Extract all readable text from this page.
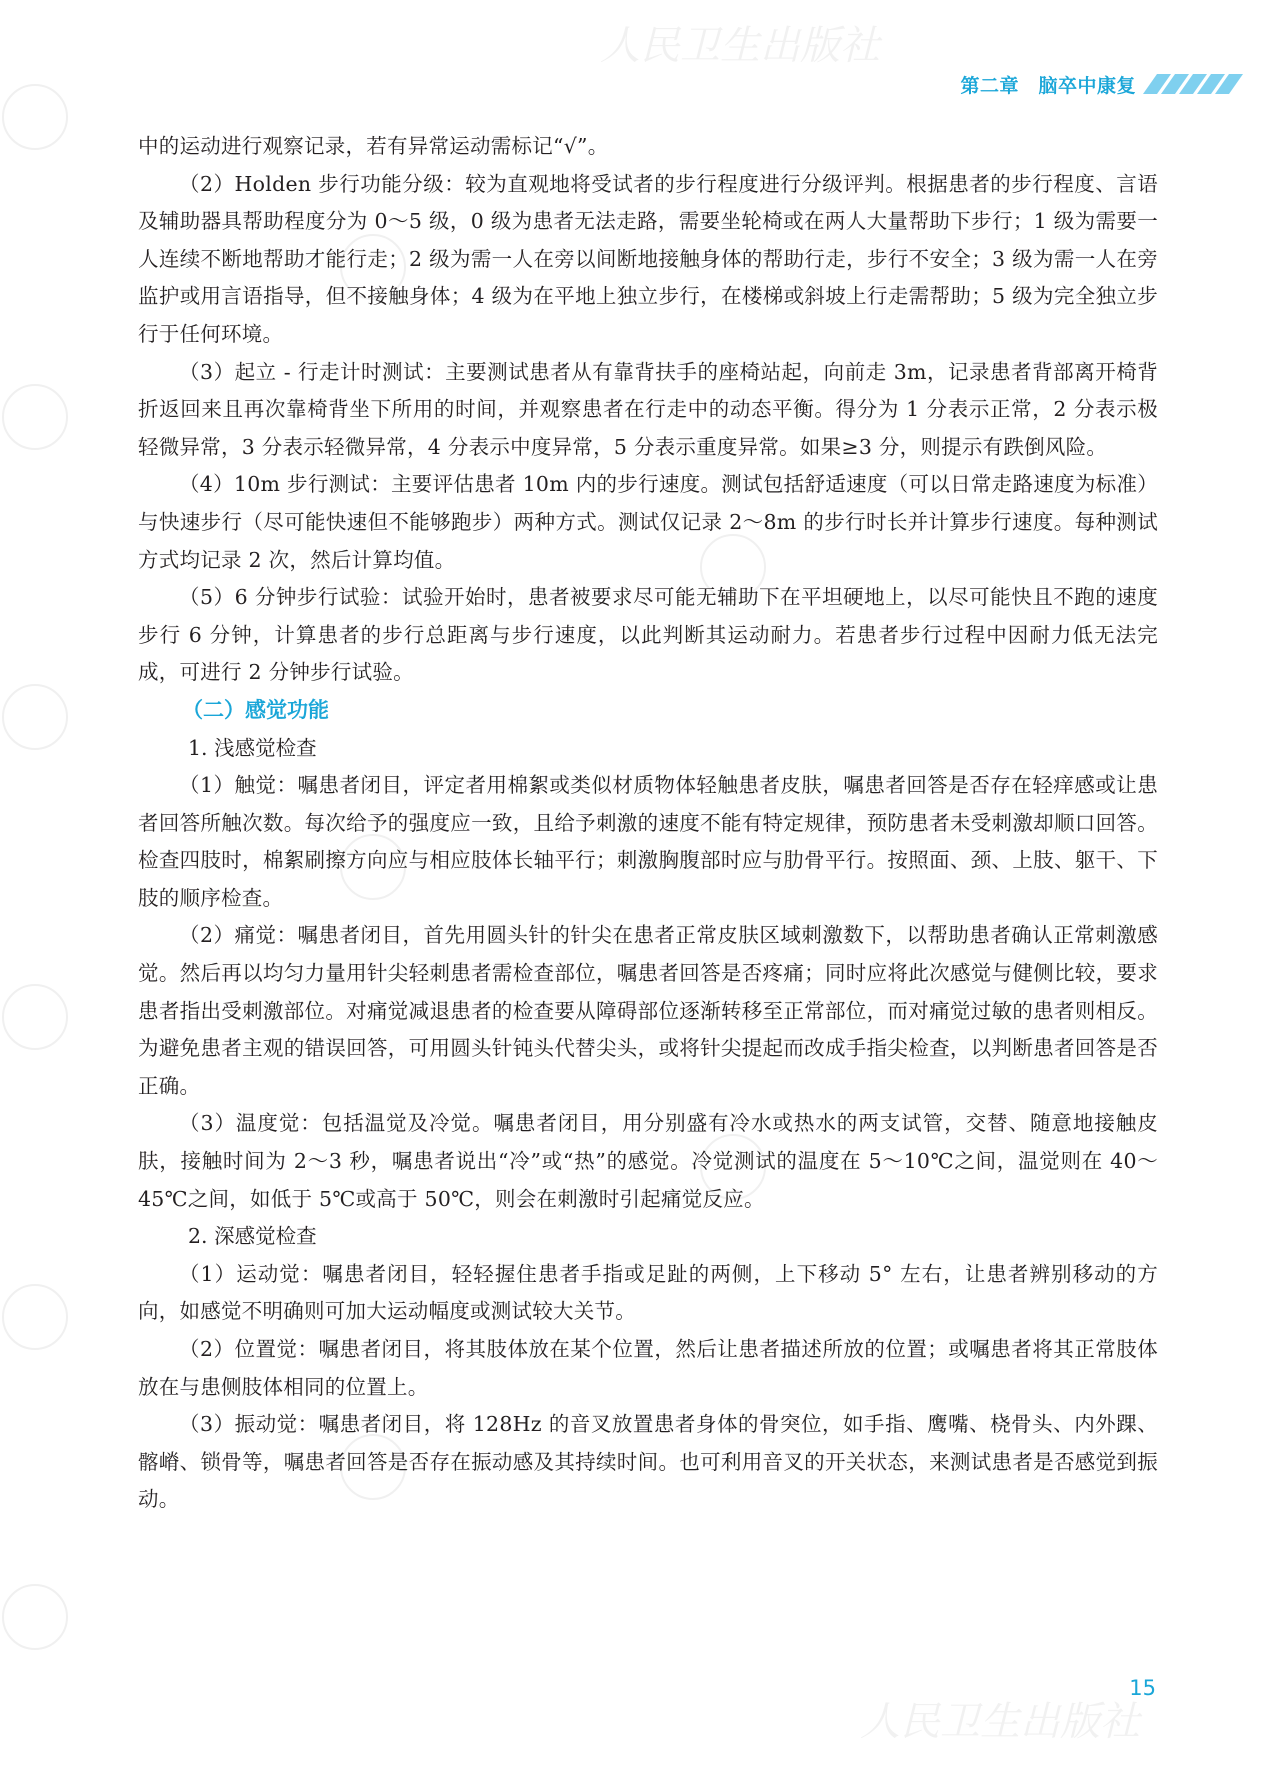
人民卫生出版社
人民卫生出版社
第二章　脑卒中康复

中的运动进行观察记录，若有异常运动需标记“√”。

（2）Holden 步行功能分级：较为直观地将受试者的步行程度进行分级评判。根据患者的步行程度、言语及辅助器具帮助程度分为 0～5 级，0 级为患者无法走路，需要坐轮椅或在两人大量帮助下步行；1 级为需要一人连续不断地帮助才能行走；2 级为需一人在旁以间断地接触身体的帮助行走，步行不安全；3 级为需一人在旁监护或用言语指导，但不接触身体；4 级为在平地上独立步行，在楼梯或斜坡上行走需帮助；5 级为完全独立步行于任何环境。

（3）起立 - 行走计时测试：主要测试患者从有靠背扶手的座椅站起，向前走 3m，记录患者背部离开椅背折返回来且再次靠椅背坐下所用的时间，并观察患者在行走中的动态平衡。得分为 1 分表示正常，2 分表示极轻微异常，3 分表示轻微异常，4 分表示中度异常，5 分表示重度异常。如果≥3 分，则提示有跌倒风险。

（4）10m 步行测试：主要评估患者 10m 内的步行速度。测试包括舒适速度（可以日常走路速度为标准）与快速步行（尽可能快速但不能够跑步）两种方式。测试仅记录 2～8m 的步行时长并计算步行速度。每种测试方式均记录 2 次，然后计算均值。

（5）6 分钟步行试验：试验开始时，患者被要求尽可能无辅助下在平坦硬地上，以尽可能快且不跑的速度步行 6 分钟，计算患者的步行总距离与步行速度，以此判断其运动耐力。若患者步行过程中因耐力低无法完成，可进行 2 分钟步行试验。

（二）感觉功能

1. 浅感觉检查

（1）触觉：嘱患者闭目，评定者用棉絮或类似材质物体轻触患者皮肤，嘱患者回答是否存在轻痒感或让患者回答所触次数。每次给予的强度应一致，且给予刺激的速度不能有特定规律，预防患者未受刺激却顺口回答。检查四肢时，棉絮刷擦方向应与相应肢体长轴平行；刺激胸腹部时应与肋骨平行。按照面、颈、上肢、躯干、下肢的顺序检查。

（2）痛觉：嘱患者闭目，首先用圆头针的针尖在患者正常皮肤区域刺激数下，以帮助患者确认正常刺激感觉。然后再以均匀力量用针尖轻刺患者需检查部位，嘱患者回答是否疼痛；同时应将此次感觉与健侧比较，要求患者指出受刺激部位。对痛觉减退患者的检查要从障碍部位逐渐转移至正常部位，而对痛觉过敏的患者则相反。为避免患者主观的错误回答，可用圆头针钝头代替尖头，或将针尖提起而改成手指尖检查，以判断患者回答是否正确。

（3）温度觉：包括温觉及冷觉。嘱患者闭目，用分别盛有冷水或热水的两支试管，交替、随意地接触皮肤，接触时间为 2～3 秒，嘱患者说出“冷”或“热”的感觉。冷觉测试的温度在 5～10℃之间，温觉则在 40～45℃之间，如低于 5℃或高于 50℃，则会在刺激时引起痛觉反应。

2. 深感觉检查

（1）运动觉：嘱患者闭目，轻轻握住患者手指或足趾的两侧，上下移动 5° 左右，让患者辨别移动的方向，如感觉不明确则可加大运动幅度或测试较大关节。

（2）位置觉：嘱患者闭目，将其肢体放在某个位置，然后让患者描述所放的位置；或嘱患者将其正常肢体放在与患侧肢体相同的位置上。

（3）振动觉：嘱患者闭目，将 128Hz 的音叉放置患者身体的骨突位，如手指、鹰嘴、桡骨头、内外踝、髂嵴、锁骨等，嘱患者回答是否存在振动感及其持续时间。也可利用音叉的开关状态，来测试患者是否感觉到振动。

15
